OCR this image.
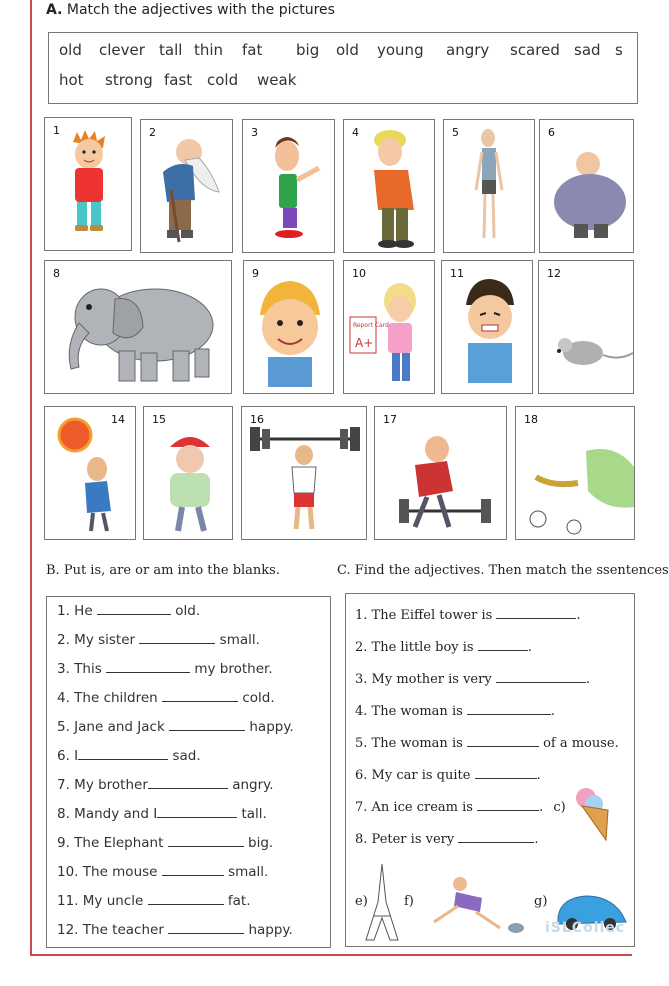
A. Match the adjectives with the pictures
old clever tall thin fat big old young angry scared sad s
hot strong fast cold weak
1	2	3	4	5	6
8	9	10
Report Card
A+
11	12
14 15	16	17	18
B. Put is, are or am into the blanks.	C. Find the adjectives. Then match the ssentences
1. He	old.
2. My sister	small.
3. This	my brother.
4. The children	cold.
5. Jane and Jack	happy.
6. I	sad.
7. My brother	angry.
8. Mandy and I	tall.
9. The Elephant	big.
10. The mouse	small.
11. My uncle	fat.
12. The teacher	happy.
1. The Eiffel tower is	.
2. The little boy is	.
3. My mother is very	.
4. The woman is	.
5. The woman is	of a mouse.
6. My car is quite	.
7. An ice cream is	. c)
8. Peter is very	.
e)	f)	g)
iSLCollec
